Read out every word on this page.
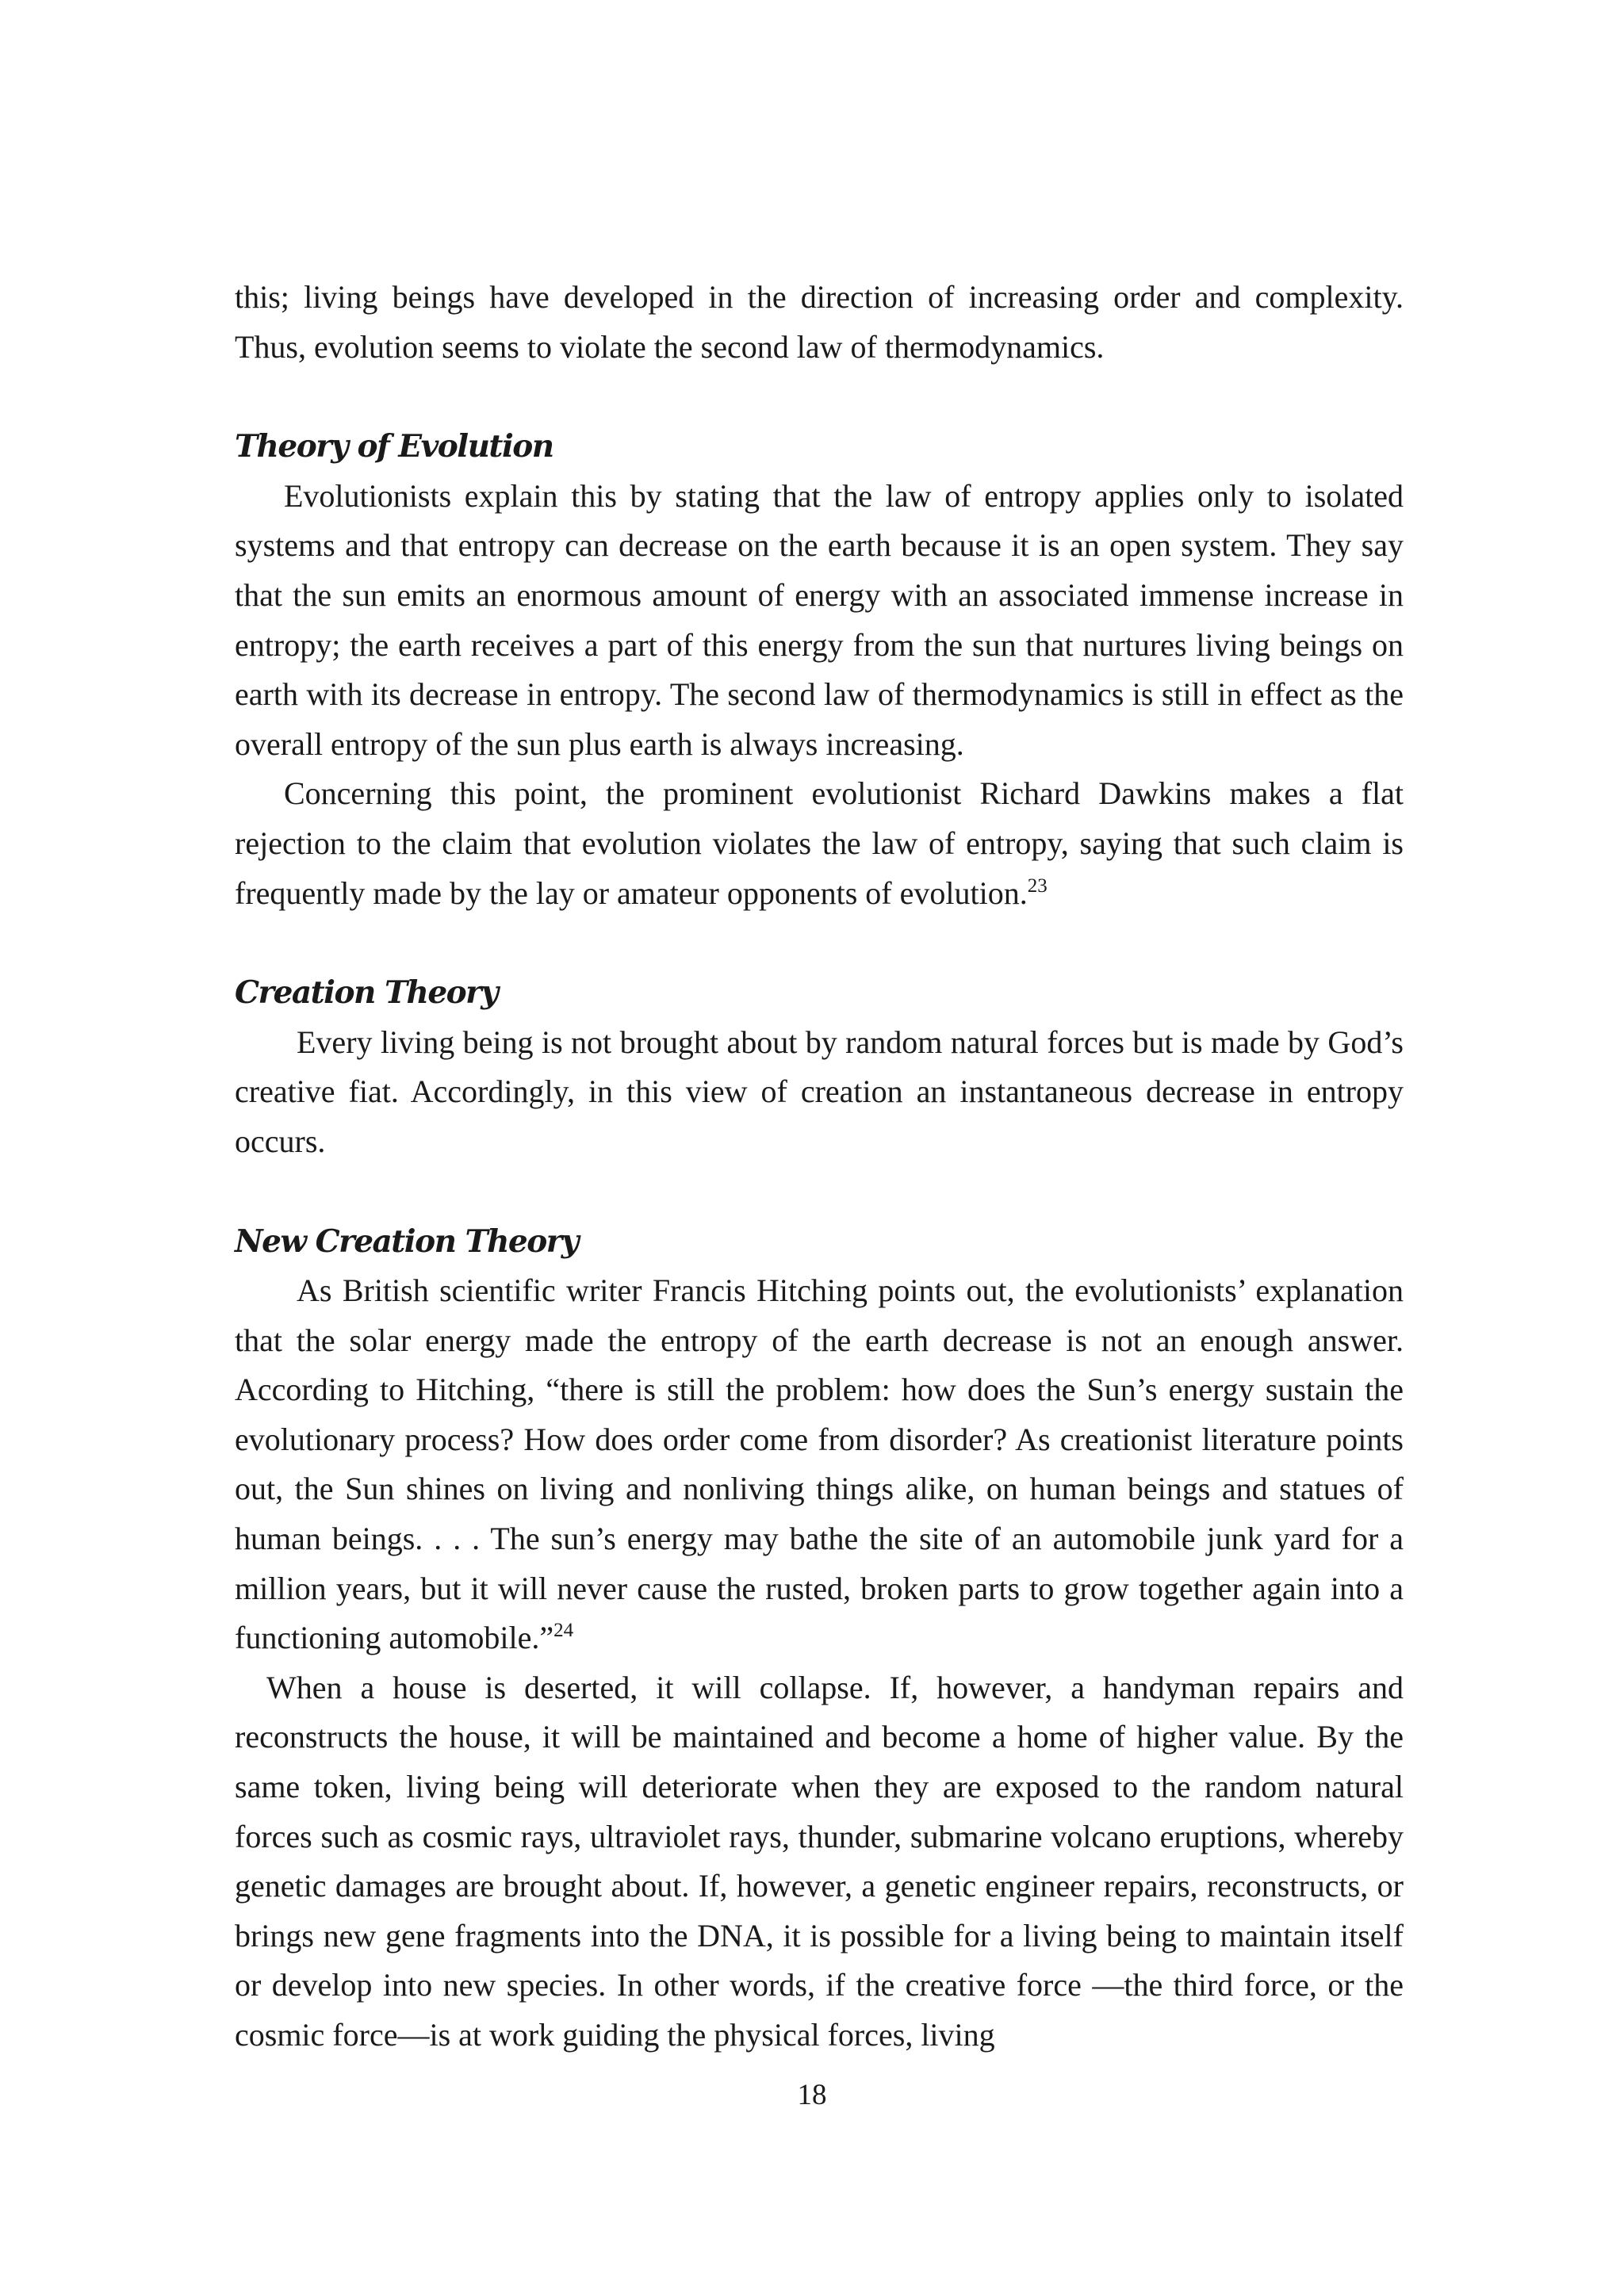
this; living beings have developed in the direction of increasing order and complexity. Thus, evolution seems to violate the second law of thermodynamics.

Theory of Evolution

Evolutionists explain this by stating that the law of entropy applies only to isolated systems and that entropy can decrease on the earth because it is an open system. They say that the sun emits an enormous amount of energy with an associated immense increase in entropy; the earth receives a part of this energy from the sun that nurtures living beings on earth with its decrease in entropy. The second law of thermodynamics is still in effect as the overall entropy of the sun plus earth is always increasing.

Concerning this point, the prominent evolutionist Richard Dawkins makes a flat rejection to the claim that evolution violates the law of entropy, saying that such claim is frequently made by the lay or amateur opponents of evolution.$^{23}$

Creation Theory

Every living being is not brought about by random natural forces but is made by God’s creative fiat. Accordingly, in this view of creation an instantaneous decrease in entropy occurs.

New Creation Theory

As British scientific writer Francis Hitching points out, the evolutionists’ explanation that the solar energy made the entropy of the earth decrease is not an enough answer. According to Hitching, “there is still the problem: how does the Sun’s energy sustain the evolutionary process? How does order come from disorder? As creationist literature points out, the Sun shines on living and nonliving things alike, on human beings and statues of human beings. . . . The sun’s energy may bathe the site of an automobile junk yard for a million years, but it will never cause the rusted, broken parts to grow together again into a functioning automobile.”$^{24}$

When a house is deserted, it will collapse. If, however, a handyman repairs and reconstructs the house, it will be maintained and become a home of higher value. By the same token, living being will deteriorate when they are exposed to the random natural forces such as cosmic rays, ultraviolet rays, thunder, submarine volcano eruptions, whereby genetic damages are brought about. If, however, a genetic engineer repairs, reconstructs, or brings new gene fragments into the DNA, it is possible for a living being to maintain itself or develop into new species. In other words, if the creative force —the third force, or the cosmic force—is at work guiding the physical forces, living

18
